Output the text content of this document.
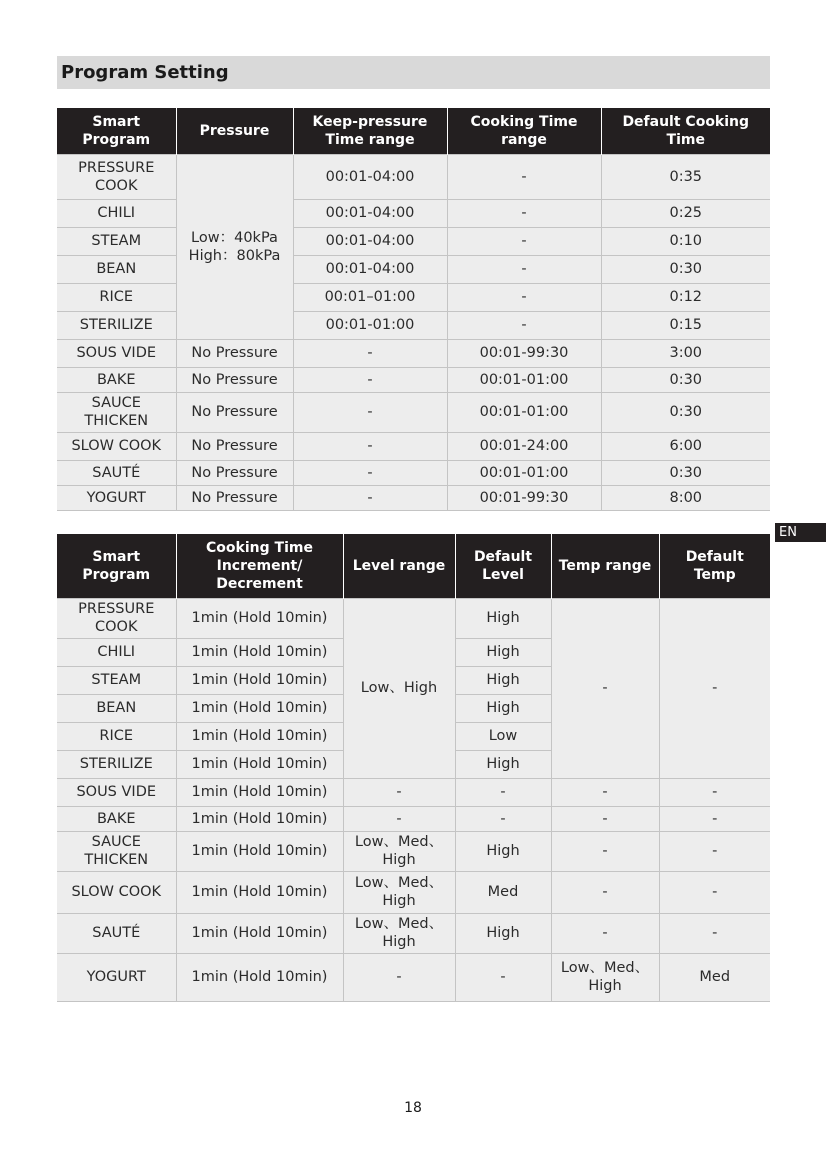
Program Setting
Smart Program	Pressure	Keep-pressure Time range	Cooking Time range	Default Cooking Time
PRESSURE COOK	Low：40kPa High：80kPa	00:01-04:00	-	0:35
CHILI		00:01-04:00	-	0:25
STEAM		00:01-04:00	-	0:10
BEAN		00:01-04:00	-	0:30
RICE		00:01–01:00	-	0:12
STERILIZE		00:01-01:00	-	0:15
SOUS VIDE	No Pressure	-	00:01-99:30	3:00
BAKE	No Pressure	-	00:01-01:00	0:30
SAUCE THICKEN	No Pressure	-	00:01-01:00	0:30
SLOW COOK	No Pressure	-	00:01-24:00	6:00
SAUTÉ	No Pressure	-	00:01-01:00	0:30
YOGURT	No Pressure	-	00:01-99:30	8:00
EN
Smart Program	Cooking Time Increment/ Decrement	Level range	Default Level	Temp range	Default Temp
PRESSURE COOK	1min (Hold 10min)	Low、High	High	-	-
CHILI	1min (Hold 10min)		High		
STEAM	1min (Hold 10min)		High		
BEAN	1min (Hold 10min)		High		
RICE	1min (Hold 10min)		Low		
STERILIZE	1min (Hold 10min)		High		
SOUS VIDE	1min (Hold 10min)	-	-	-	-
BAKE	1min (Hold 10min)	-	-	-	-
SAUCE THICKEN	1min (Hold 10min)	Low、Med、High	High	-	-
SLOW COOK	1min (Hold 10min)	Low、Med、High	Med	-	-
SAUTÉ	1min (Hold 10min)	Low、Med、High	High	-	-
YOGURT	1min (Hold 10min)	-	-	Low、Med、High	Med
18
